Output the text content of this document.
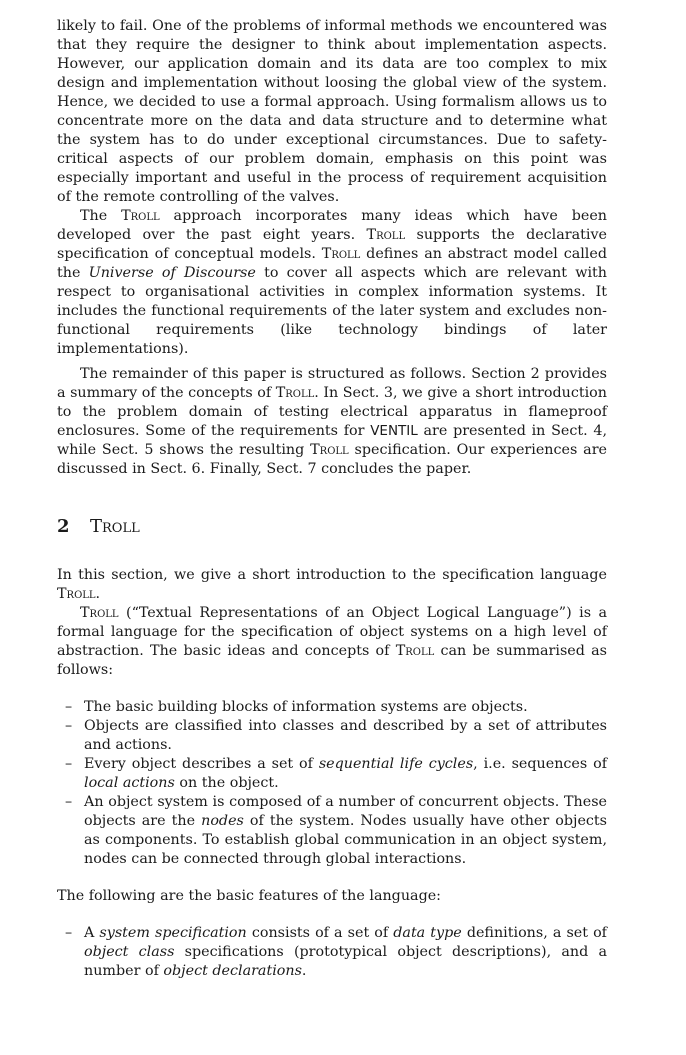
likely to fail. One of the problems of informal methods we encountered was that they require the designer to think about implementation aspects. However, our application domain and its data are too complex to mix design and implementation without loosing the global view of the system. Hence, we decided to use a formal approach. Using formalism allows us to concentrate more on the data and data structure and to determine what the system has to do under exceptional circumstances. Due to safety-critical aspects of our problem domain, emphasis on this point was especially important and useful in the process of requirement acquisition of the remote controlling of the valves.

The Troll approach incorporates many ideas which have been developed over the past eight years. Troll supports the declarative specification of conceptual models. Troll defines an abstract model called the Universe of Discourse to cover all aspects which are relevant with respect to organisational activities in complex information systems. It includes the functional requirements of the later system and excludes non-functional requirements (like technology bindings of later implementations).

The remainder of this paper is structured as follows. Section 2 provides a summary of the concepts of Troll. In Sect. 3, we give a short introduction to the problem domain of testing electrical apparatus in flameproof enclosures. Some of the requirements for VENTIL are presented in Sect. 4, while Sect. 5 shows the resulting Troll specification. Our experiences are discussed in Sect. 6. Finally, Sect. 7 concludes the paper.

2 Troll

In this section, we give a short introduction to the specification language Troll.

Troll (“Textual Representations of an Object Logical Language”) is a formal language for the specification of object systems on a high level of abstraction. The basic ideas and concepts of Troll can be summarised as follows:

– The basic building blocks of information systems are objects.
– Objects are classified into classes and described by a set of attributes and actions.
– Every object describes a set of sequential life cycles, i.e. sequences of local actions on the object.
– An object system is composed of a number of concurrent objects. These objects are the nodes of the system. Nodes usually have other objects as components. To establish global communication in an object system, nodes can be connected through global interactions.

The following are the basic features of the language:

– A system specification consists of a set of data type definitions, a set of object class specifications (prototypical object descriptions), and a number of object declarations.
